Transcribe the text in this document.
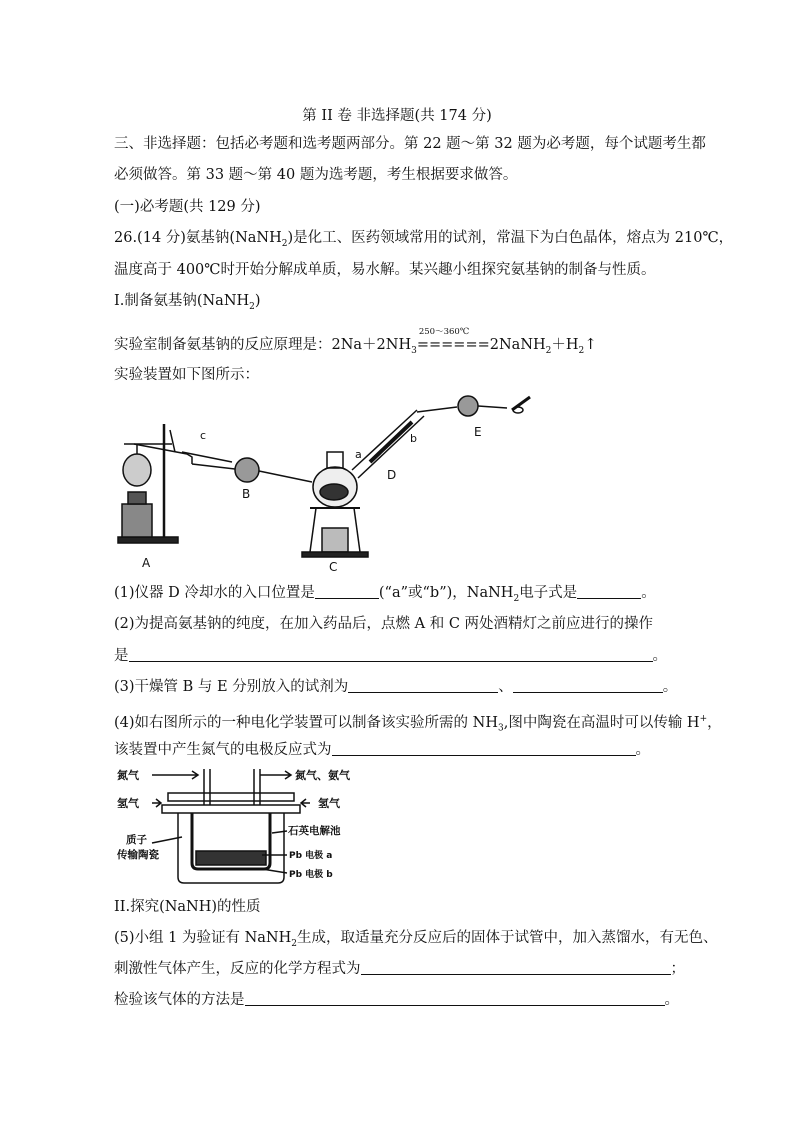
第 II 卷 非选择题(共 174 分)
三、非选择题：包括必考题和选考题两部分。第 22 题～第 32 题为必考题，每个试题考生都
必须做答。第 33 题～第 40 题为选考题，考生根据要求做答。
(一)必考题(共 129 分)
26.(14 分)氨基钠(NaNH$_2$)是化工、医药领域常用的试剂，常温下为白色晶体，熔点为 210℃，
温度高于 400℃时开始分解成单质，易水解。某兴趣小组探究氨基钠的制备与性质。
I.制备氨基钠(NaNH$_2$)
实验室制备氨基钠的反应原理是：$2Na+2NH_3$
250～360℃
$======2NaNH_2+H_2↑$
实验装置如下图所示：
A
B
C
D
E
a
b
c
(1)仪器 D 冷却水的入口位置是	(“a”或“b”)，NaNH$_2$电子式是	。
(2)为提高氨基钠的纯度，在加入药品后，点燃 A 和 C 两处酒精灯之前应进行的操作
是	。
(3)干燥管 B 与 E 分别放入的试剂为	、	。
(4)如右图所示的一种电化学装置可以制备该实验所需的 $NH_3$,图中陶瓷在高温时可以传输 H+，
该装置中产生氮气的电极反应式为	。
氮气	氮气、氨气
氢气	氢气
石英电解池
质子
传输陶瓷	Pb 电极 a
Pb 电极 b
II.探究(NaNH)的性质
(5)小组 1 为验证有 NaNH$_2$生成，取适量充分反应后的固体于试管中，加入蒸馏水，有无色、
刺激性气体产生，反应的化学方程式为	；
检验该气体的方法是	。
